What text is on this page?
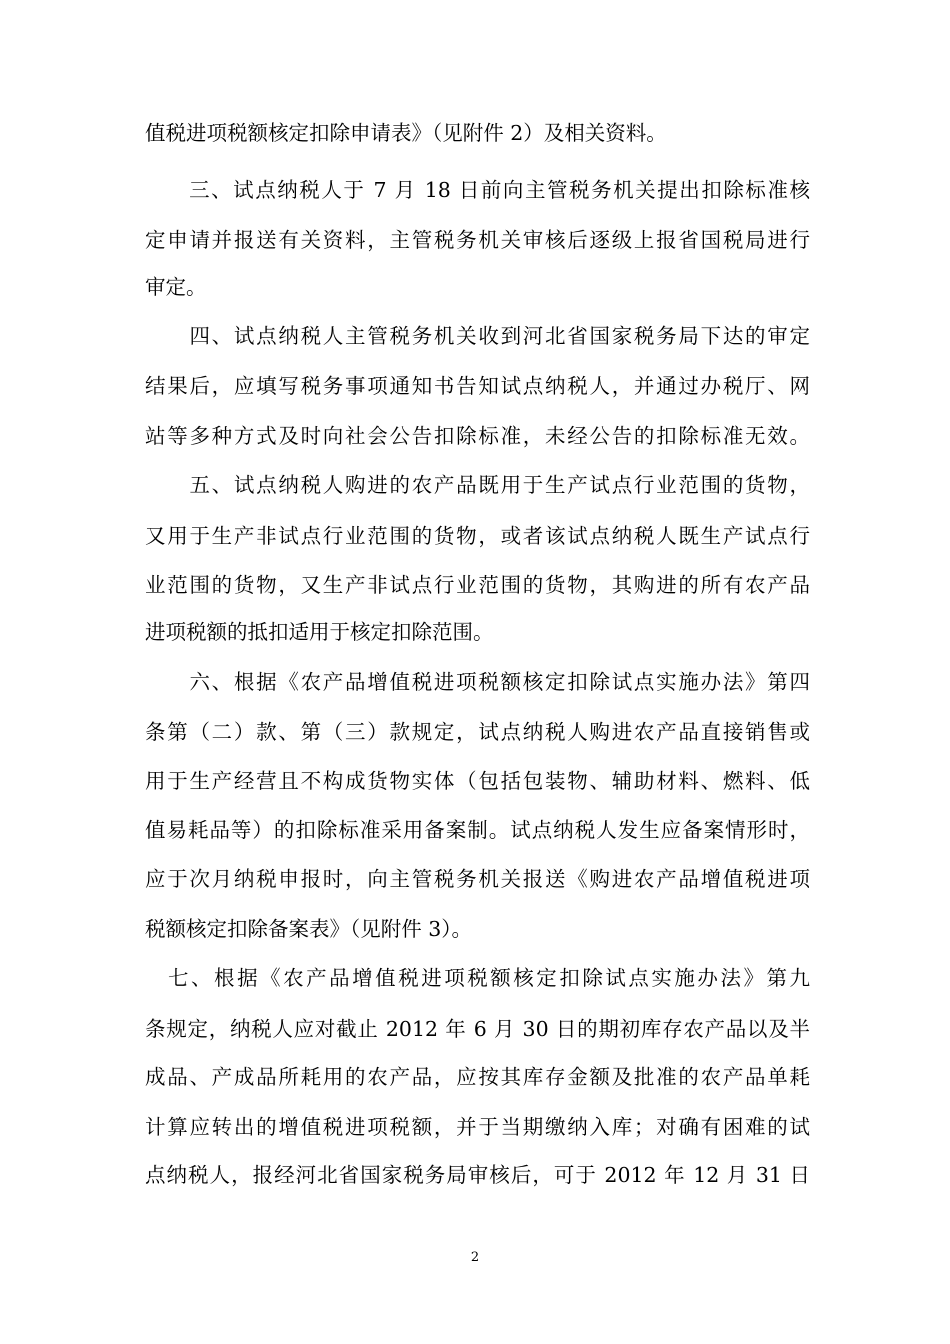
值税进项税额核定扣除申请表》（见附件 2）及相关资料。
　　三、试点纳税人于 7 月 18 日前向主管税务机关提出扣除标准核
定申请并报送有关资料，主管税务机关审核后逐级上报省国税局进行
审定。
　　四、试点纳税人主管税务机关收到河北省国家税务局下达的审定
结果后，应填写税务事项通知书告知试点纳税人，并通过办税厅、网
站等多种方式及时向社会公告扣除标准，未经公告的扣除标准无效。
　　五、试点纳税人购进的农产品既用于生产试点行业范围的货物，
又用于生产非试点行业范围的货物，或者该试点纳税人既生产试点行
业范围的货物，又生产非试点行业范围的货物，其购进的所有农产品
进项税额的抵扣适用于核定扣除范围。
　　六、根据《农产品增值税进项税额核定扣除试点实施办法》第四
条第（二）款、第（三）款规定，试点纳税人购进农产品直接销售或
用于生产经营且不构成货物实体（包括包装物、辅助材料、燃料、低
值易耗品等）的扣除标准采用备案制。试点纳税人发生应备案情形时，
应于次月纳税申报时，向主管税务机关报送《购进农产品增值税进项
税额核定扣除备案表》（见附件 3）。
　七、根据《农产品增值税进项税额核定扣除试点实施办法》第九
条规定，纳税人应对截止 2012 年 6 月 30 日的期初库存农产品以及半
成品、产成品所耗用的农产品，应按其库存金额及批准的农产品单耗
计算应转出的增值税进项税额，并于当期缴纳入库；对确有困难的试
点纳税人，报经河北省国家税务局审核后，可于 2012 年 12 月 31 日
2
